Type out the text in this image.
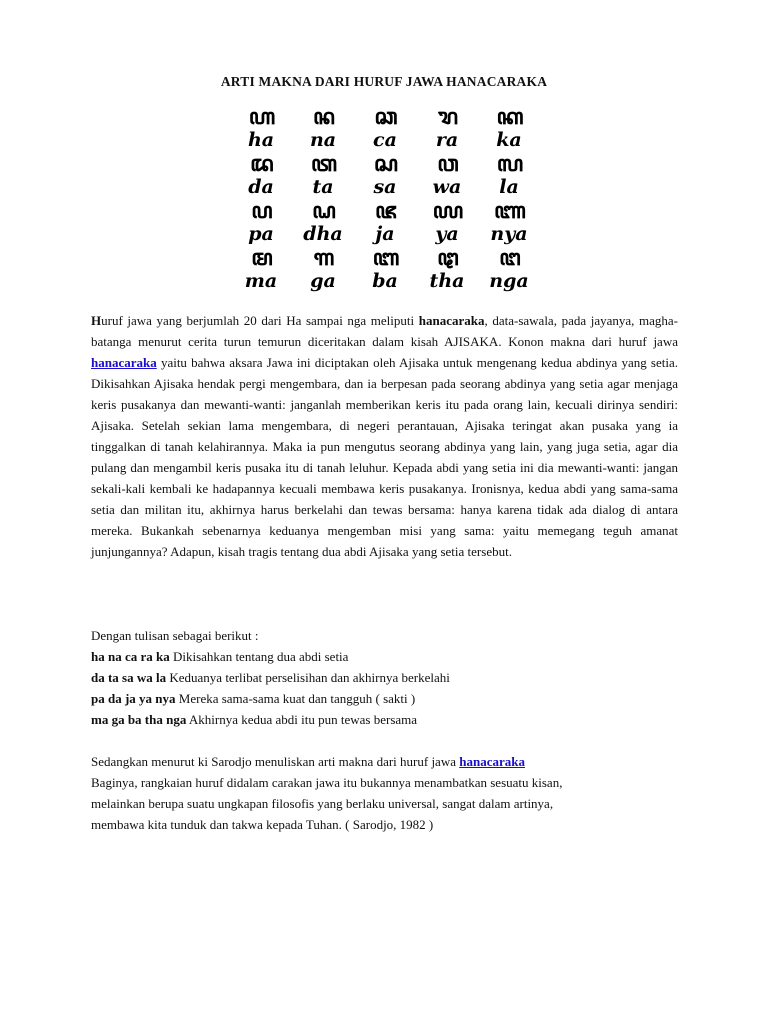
ARTI MAKNA DARI HURUF JAWA HANACARAKA
ꦲ
ha
ꦤ
na
ꦕ
ca
ꦫ
ra
ꦏ
ka
ꦢ
da
ꦠ
ta
ꦱ
sa
ꦮ
wa
ꦭ
la
ꦥ
pa
ꦝ
dha
ꦗ
ja
ꦪ
ya
ꦚ
nya
ꦩ
ma
ꦒ
ga
ꦧ
ba
ꦛ
tha
ꦔ
nga
Huruf jawa yang berjumlah 20 dari Ha sampai nga meliputi hanacaraka, data-sawala, pada jayanya, magha-batanga menurut cerita turun temurun diceritakan dalam kisah AJISAKA. Konon makna dari huruf jawa hanacaraka yaitu bahwa aksara Jawa ini diciptakan oleh Ajisaka untuk mengenang kedua abdinya yang setia. Dikisahkan Ajisaka hendak pergi mengembara, dan ia berpesan pada seorang abdinya yang setia agar menjaga keris pusakanya dan mewanti-wanti: janganlah memberikan keris itu pada orang lain, kecuali dirinya sendiri: Ajisaka. Setelah sekian lama mengembara, di negeri perantauan, Ajisaka teringat akan pusaka yang ia tinggalkan di tanah kelahirannya. Maka ia pun mengutus seorang abdinya yang lain, yang juga setia, agar dia pulang dan mengambil keris pusaka itu di tanah leluhur. Kepada abdi yang setia ini dia mewanti-wanti: jangan sekali-kali kembali ke hadapannya kecuali membawa keris pusakanya. Ironisnya, kedua abdi yang sama-sama setia dan militan itu, akhirnya harus berkelahi dan tewas bersama: hanya karena tidak ada dialog di antara mereka. Bukankah sebenarnya keduanya mengemban misi yang sama: yaitu memegang teguh amanat junjungannya? Adapun, kisah tragis tentang dua abdi Ajisaka yang setia tersebut.
Dengan tulisan sebagai berikut :
ha na ca ra ka Dikisahkan tentang dua abdi setia
da ta sa wa la Keduanya terlibat perselisihan dan akhirnya berkelahi
pa da ja ya nya Mereka sama-sama kuat dan tangguh ( sakti )
ma ga ba tha nga Akhirnya kedua abdi itu pun tewas bersama
Sedangkan menurut ki Sarodjo menuliskan arti makna dari huruf jawa hanacaraka
Baginya, rangkaian huruf didalam carakan jawa itu bukannya menambatkan sesuatu kisan,
melainkan berupa suatu ungkapan filosofis yang berlaku universal, sangat dalam artinya,
membawa kita tunduk dan takwa kepada Tuhan. ( Sarodjo, 1982 )
